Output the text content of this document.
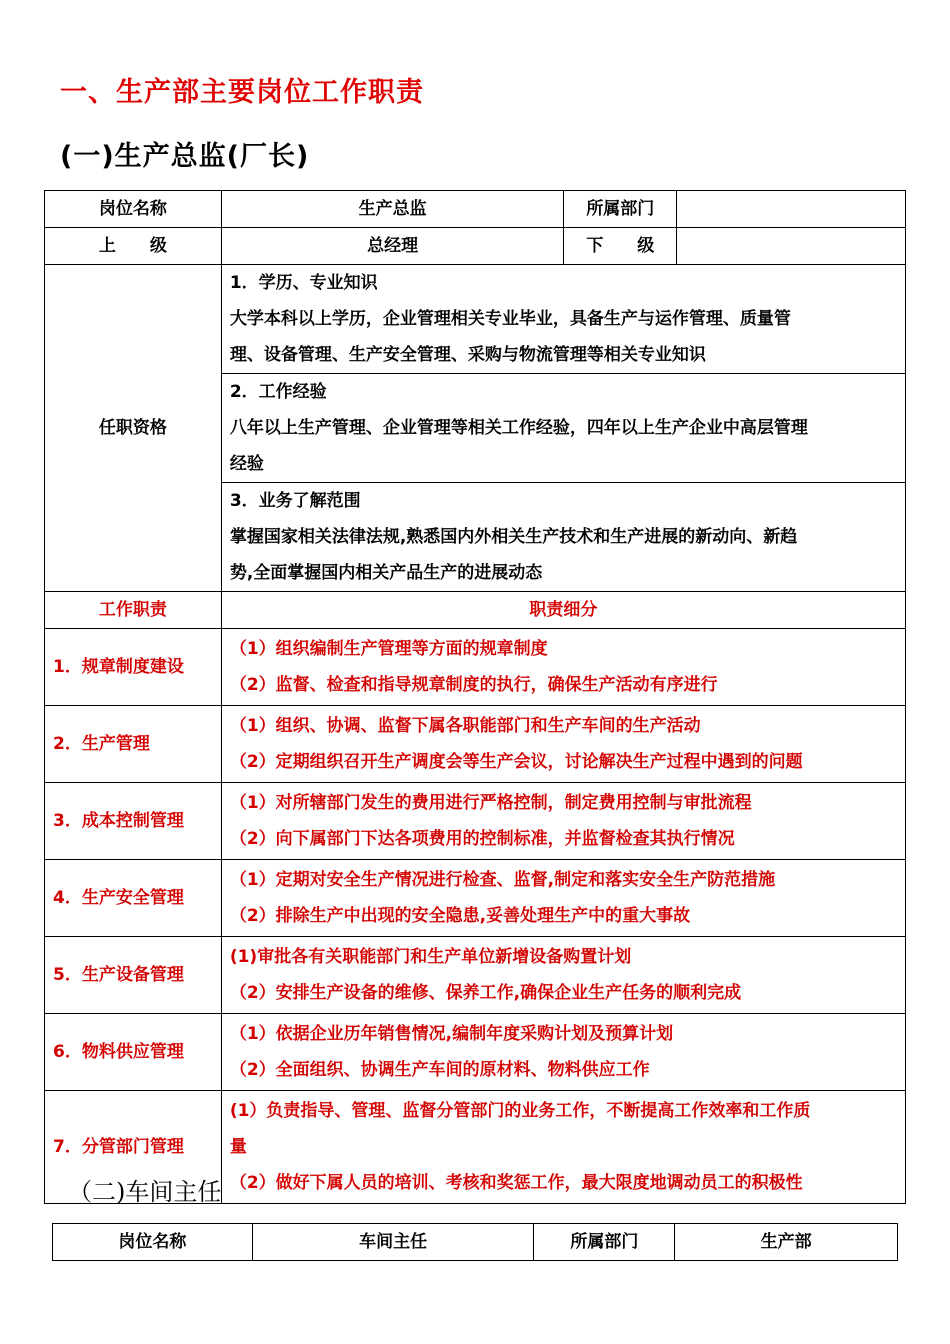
一、生产部主要岗位工作职责
(一)生产总监(厂长)
岗位名称	生产总监	所属部门	
上　　级	总经理	下　　级	
任职资格	1．学历、专业知识
大学本科以上学历，企业管理相关专业毕业，具备生产与运作管理、质量管
理、设备管理、生产安全管理、采购与物流管理等相关专业知识		

	2．工作经验
八年以上生产管理、企业管理等相关工作经验，四年以上生产企业中高层管理
经验		

	3．业务了解范围
掌握国家相关法律法规,熟悉国内外相关生产技术和生产进展的新动向、新趋
势,全面掌握国内相关产品生产的进展动态		

工作职责	职责细分		
1．规章制度建设	（1）组织编制生产管理等方面的规章制度
（2）监督、检查和指导规章制度的执行，确保生产活动有序进行		

2．生产管理	（1）组织、协调、监督下属各职能部门和生产车间的生产活动
（2）定期组织召开生产调度会等生产会议，讨论解决生产过程中遇到的问题		

3．成本控制管理	（1）对所辖部门发生的费用进行严格控制，制定费用控制与审批流程
（2）向下属部门下达各项费用的控制标准，并监督检查其执行情况		

4．生产安全管理	（1）定期对安全生产情况进行检查、监督,制定和落实安全生产防范措施
（2）排除生产中出现的安全隐患,妥善处理生产中的重大事故		

5．生产设备管理	(1)审批各有关职能部门和生产单位新增设备购置计划
（2）安排生产设备的维修、保养工作,确保企业生产任务的顺利完成		

6．物料供应管理	（1）依据企业历年销售情况,编制年度采购计划及预算计划
（2）全面组织、协调生产车间的原材料、物料供应工作		

7．分管部门管理	(1）负责指导、管理、监督分管部门的业务工作，不断提高工作效率和工作质
量
（2）做好下属人员的培训、考核和奖惩工作，最大限度地调动员工的积极性		
（二)车间主任
岗位名称	车间主任	所属部门	生产部
